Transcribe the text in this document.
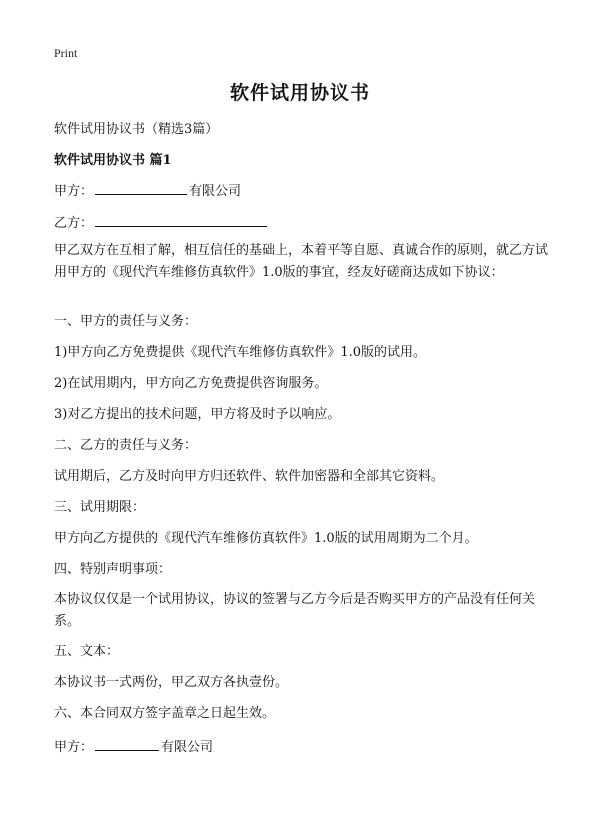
Print
软件试用协议书
软件试用协议书（精选3篇）
软件试用协议书 篇1
甲方：	有限公司
乙方：
甲乙双方在互相了解，相互信任的基础上，本着平等自愿、真诚合作的原则，就乙方试用甲方的《现代汽车维修仿真软件》1.0版的事宜，经友好磋商达成如下协议：
一、甲方的责任与义务：
1)甲方向乙方免费提供《现代汽车维修仿真软件》1.0版的试用。
2)在试用期内，甲方向乙方免费提供咨询服务。
3)对乙方提出的技术问题，甲方将及时予以响应。
二、乙方的责任与义务：
试用期后，乙方及时向甲方归还软件、软件加密器和全部其它资料。
三、试用期限：
甲方向乙方提供的《现代汽车维修仿真软件》1.0版的试用周期为二个月。
四、特别声明事项：
本协议仅仅是一个试用协议，协议的签署与乙方今后是否购买甲方的产品没有任何关系。
五、文本：
本协议书一式两份，甲乙双方各执壹份。
六、本合同双方签字盖章之日起生效。
甲方：	有限公司
